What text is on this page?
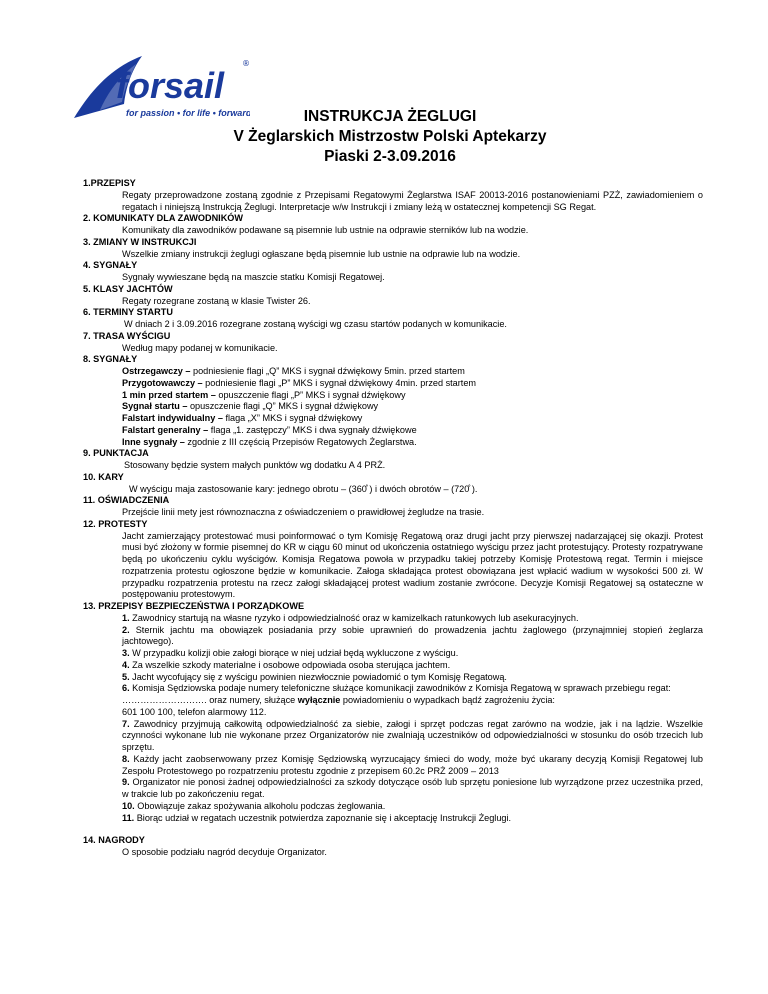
forsail
®
for passion • for life • forward	INSTRUKCJA ŻEGLUGI
V Żeglarskich Mistrzostw Polski Aptekarzy
Piaski 2-3.09.2016
1.PRZEPISY
Regaty przeprowadzone zostaną zgodnie z Przepisami Regatowymi Żeglarstwa ISAF 20013-2016 postanowieniami PZŻ, zawiadomieniem o regatach i niniejszą Instrukcją Żeglugi. Interpretacje w/w Instrukcji i zmiany leżą w ostatecznej kompetencji SG Regat.
2. KOMUNIKATY DLA ZAWODNIKÓW
Komunikaty dla zawodników podawane są pisemnie lub ustnie na odprawie sterników lub na wodzie.
3. ZMIANY W INSTRUKCJI
Wszelkie zmiany instrukcji żeglugi ogłaszane będą pisemnie lub ustnie na odprawie lub na wodzie.
4. SYGNAŁY
Sygnały wywieszane będą na maszcie statku Komisji Regatowej.
5. KLASY JACHTÓW
Regaty rozegrane zostaną w klasie Twister 26.
6. TERMINY STARTU
W dniach 2 i 3.09.2016 rozegrane zostaną wyścigi wg czasu startów podanych w komunikacie.
7. TRASA WYŚCIGU
Według mapy podanej w komunikacie.
8. SYGNAŁY
Ostrzegawczy – podniesienie flagi „Q” MKS i sygnał dźwiękowy 5min. przed startem
Przygotowawczy – podniesienie flagi „P” MKS i sygnał dźwiękowy 4min. przed startem
1 min przed startem – opuszczenie flagi „P” MKS i sygnał dźwiękowy
Sygnał startu – opuszczenie flagi „Q” MKS i sygnał dźwiękowy
Falstart indywidualny – flaga „X” MKS i sygnał dźwiękowy
Falstart generalny – flaga „1. zastępczy” MKS i dwa sygnały dźwiękowe
Inne sygnały – zgodnie z III częścią Przepisów Regatowych Żeglarstwa.
9. PUNKTACJA
Stosowany będzie system małych punktów wg dodatku A 4 PRŻ.
10. KARY
W wyścigu maja zastosowanie kary: jednego obrotu – (360̊ ) i dwóch obrotów – (720̊ ).
11. OŚWIADCZENIA
Przejście linii mety jest równoznaczna z oświadczeniem o prawidłowej żegludze na trasie.
12. PROTESTY
Jacht zamierzający protestować musi poinformować o tym Komisję Regatową oraz drugi jacht przy pierwszej nadarzającej się okazji. Protest musi być złożony w formie pisemnej do KR w ciągu 60 minut od ukończenia ostatniego wyścigu przez jacht protestujący. Protesty rozpatrywane będą po ukończeniu cyklu wyścigów. Komisja Regatowa powoła w przypadku takiej potrzeby Komisję Protestową regat. Termin i miejsce rozpatrzenia protestu ogłoszone będzie w komunikacie. Załoga składająca protest obowiązana jest wpłacić wadium w wysokości 500 zł. W przypadku rozpatrzenia protestu na rzecz załogi składającej protest wadium zostanie zwrócone. Decyzje Komisji Regatowej są ostateczne w postępowaniu protestowym.
13. PRZEPISY BEZPIECZEŃSTWA I PORZĄDKOWE
1. Zawodnicy startują na własne ryzyko i odpowiedzialność oraz w kamizelkach ratunkowych lub asekuracyjnych.
2. Sternik jachtu ma obowiązek posiadania przy sobie uprawnień do prowadzenia jachtu żaglowego (przynajmniej stopień żeglarza jachtowego).
3. W przypadku kolizji obie załogi biorące w niej udział będą wykluczone z wyścigu.
4. Za wszelkie szkody materialne i osobowe odpowiada osoba sterująca jachtem.
5. Jacht wycofujący się z wyścigu powinien niezwłocznie powiadomić o tym Komisję Regatową.
6. Komisja Sędziowska podaje numery telefoniczne służące komunikacji zawodników z Komisja Regatową w sprawach przebiegu regat:
………………………. oraz numery, służące wyłącznie powiadomieniu o wypadkach bądź zagrożeniu życia:
601 100 100, telefon alarmowy 112.
7. Zawodnicy przyjmują całkowitą odpowiedzialność za siebie, załogi i sprzęt podczas regat zarówno na wodzie, jak i na lądzie. Wszelkie czynności wykonane lub nie wykonane przez Organizatorów nie zwalniają uczestników od odpowiedzialności w stosunku do osób trzecich lub sprzętu.
8. Każdy jacht zaobserwowany przez Komisję Sędziowską wyrzucający śmieci do wody, może być ukarany decyzją Komisji Regatowej lub Zespołu Protestowego po rozpatrzeniu protestu zgodnie z przepisem 60.2c PRŻ 2009 – 2013
9. Organizator nie ponosi żadnej odpowiedzialności za szkody dotyczące osób lub sprzętu poniesione lub wyrządzone przez uczestnika przed, w trakcie lub po zakończeniu regat.
10. Obowiązuje zakaz spożywania alkoholu podczas żeglowania.
11. Biorąc udział w regatach uczestnik potwierdza zapoznanie się i akceptację Instrukcji Żeglugi.
14. NAGRODY
O sposobie podziału nagród decyduje Organizator.
